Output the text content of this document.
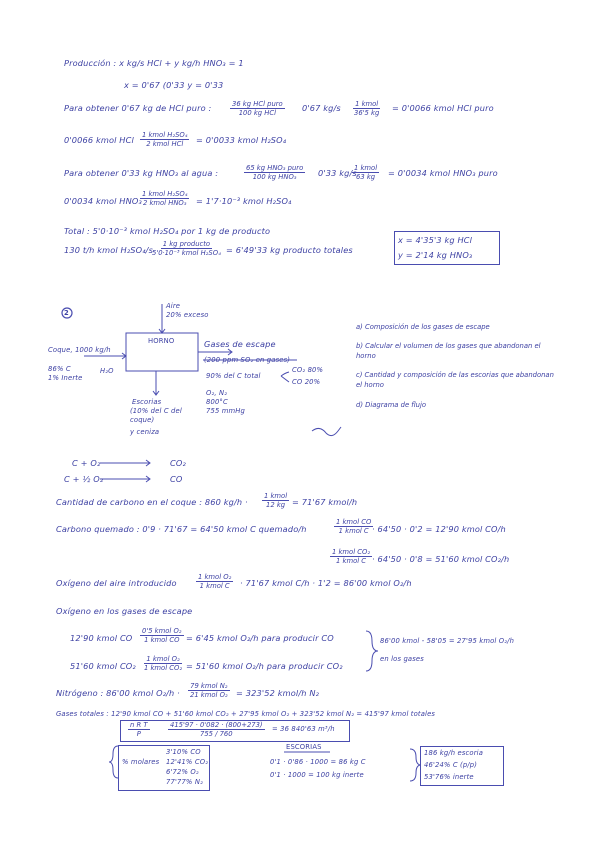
Producción : x kg/s HCl + y kg/h HNO₃ = 1
x = 0'67 (0'33 y = 0'33
Para obtener 0'67 kg de HCl puro :	36 kg HCl puro
100 kg HCl	0'67 kg/s 1 kmol
36'5 kg = 0'0066 kmol HCl puro
0'0066 kmol HCl 1 kmol H₂SO₄
2 kmol HCl = 0'0033 kmol H₂SO₄
Para obtener 0'33 kg HNO₃ al agua :	65 kg HNO₃ puro
100 kg HNO₃	0'33 kg/s
1 kmol
63 kg = 0'0034 kmol HNO₃ puro
0'0034 kmol HNO₃
1 kmol H₂SO₄
2 kmol HNO₃ = 1'7·10⁻³ kmol H₂SO₄
Total : 5'0·10⁻³ kmol H₂SO₄ por 1 kg de producto
130 t/h kmol H₂SO₄/s
1 kg producto
5'0·10⁻³ kmol H₂SO₄ = 6'49'33 kg producto totales
x = 4'35'3 kg HCl
y = 2'14 kg HNO₃
2
Aire
20% exceso
Coque, 1000 kg/h
86% C
1% Inerte
H₂O
HORNO	Gases de escape
(200 ppm SO₂ en gases)
90% del C total
CO₂ 80%
CO 20%
O₂, N₂
800°C
755 mmHg
Escorias
(10% del C del
coque)
y ceniza
a) Composición de los gases de escape
b) Calcular el volumen de los gases que abandonan el horno
c) Cantidad y composición de las escorias que abandonan el horno
d) Diagrama de flujo
C + O₂	CO₂
C + ½ O₂	CO
Cantidad de carbono en el coque : 860 kg/h ·
1 kmol
12 kg = 71'67 kmol/h
Carbono quemado : 0'9 · 71'67 = 64'50 kmol C quemado/h
1 kmol CO
1 kmol C · 64'50 · 0'2 = 12'90 kmol CO/h
1 kmol CO₂
1 kmol C · 64'50 · 0'8 = 51'60 kmol CO₂/h
Oxígeno del aire introducido
1 kmol O₂
1 kmol C · 71'67 kmol C/h · 1'2 = 86'00 kmol O₂/h
Oxígeno en los gases de escape
12'90 kmol CO
0'5 kmol O₂
1 kmol CO = 6'45 kmol O₂/h para producir CO
51'60 kmol CO₂
1 kmol O₂
1 kmol CO₂ = 51'60 kmol O₂/h para producir CO₂
86'00 kmol - 58'05 = 27'95 kmol O₂/h
en los gases
Nitrógeno : 86'00 kmol O₂/h ·
79 kmol N₂
21 kmol O₂ = 323'52 kmol/h N₂
Gases totales : 12'90 kmol CO + 51'60 kmol CO₂ + 27'95 kmol O₂ + 323'52 kmol N₂ = 415'97 kmol totales
$\frac{\text{n R T}}{P}$	$\frac{415'97 \cdot 0'082 \cdot (800+273)}{755 / 760} = 36$ 840'63 m³/h
% molares
3'10% CO
12'41% CO₂
6'72% O₂
77'77% N₂
ESCORIAS
0'1 · 0'86 · 1000 = 86 kg C
0'1 · 1000 = 100 kg inerte
186 kg/h escoria
46'24% C (p/p)
53'76% inerte
